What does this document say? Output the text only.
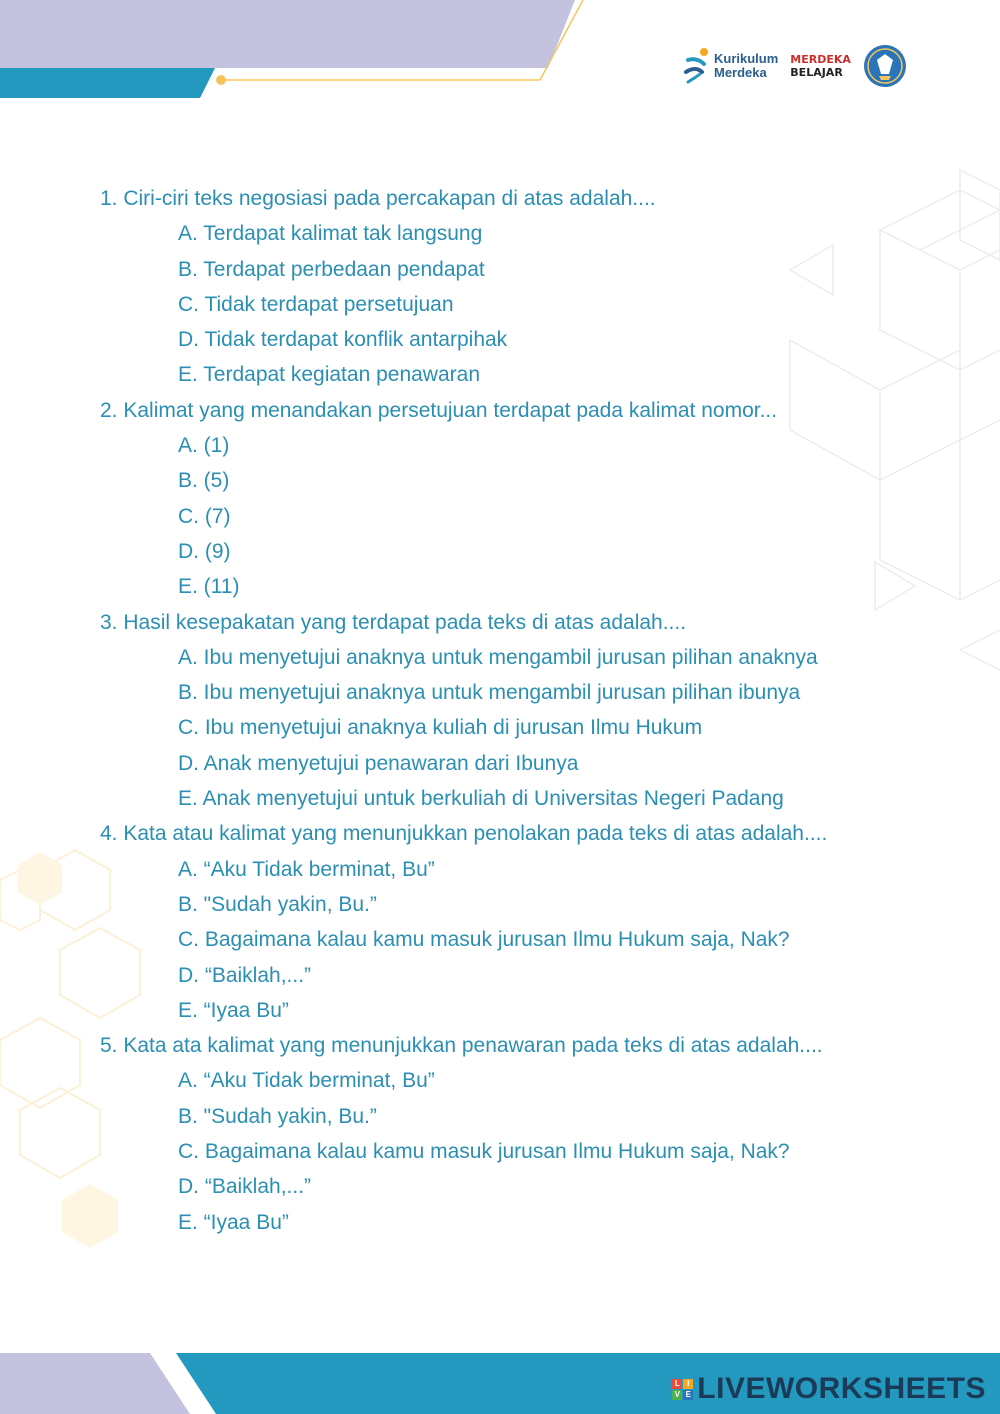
Kurikulum
Merdeka
MERDEKA
BELAJAR
1. Ciri-ciri teks negosiasi pada percakapan di atas adalah....
A. Terdapat kalimat tak langsung
B. Terdapat perbedaan pendapat
C. Tidak terdapat persetujuan
D. Tidak terdapat konflik antarpihak
E. Terdapat kegiatan penawaran
2. Kalimat yang menandakan persetujuan terdapat pada kalimat nomor...
A. (1)
B. (5)
C. (7)
D. (9)
E. (11)
3. Hasil kesepakatan yang terdapat pada teks di atas adalah....
A. Ibu menyetujui anaknya untuk mengambil jurusan pilihan anaknya
B. Ibu menyetujui anaknya untuk mengambil jurusan pilihan ibunya
C. Ibu menyetujui anaknya kuliah di jurusan Ilmu Hukum
D. Anak menyetujui penawaran dari Ibunya
E. Anak menyetujui untuk berkuliah di Universitas Negeri Padang
4. Kata atau kalimat yang menunjukkan penolakan pada teks di atas adalah....
A. “Aku Tidak berminat, Bu”
B. "Sudah yakin, Bu.”
C. Bagaimana kalau kamu masuk jurusan Ilmu Hukum saja, Nak?
D. “Baiklah,...”
E. “Iyaa Bu”
5. Kata ata kalimat yang menunjukkan penawaran pada teks di atas adalah....
A. “Aku Tidak berminat, Bu”
B. "Sudah yakin, Bu.”
C. Bagaimana kalau kamu masuk jurusan Ilmu Hukum saja, Nak?
D. “Baiklah,...”
E. “Iyaa Bu”
L I
V E LIVEWORKSHEETS
